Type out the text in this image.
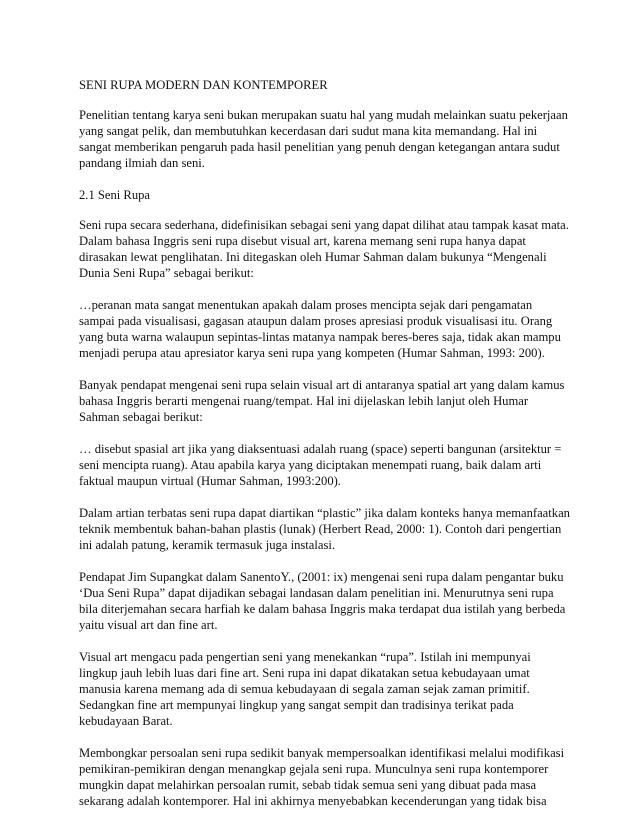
SENI RUPA MODERN DAN KONTEMPORER
Penelitian tentang karya seni bukan merupakan suatu hal yang mudah melainkan suatu pekerjaan
yang sangat pelik, dan membutuhkan kecerdasan dari sudut mana kita memandang. Hal ini
sangat memberikan pengaruh pada hasil penelitian yang penuh dengan ketegangan antara sudut
pandang ilmiah dan seni.
2.1 Seni Rupa
Seni rupa secara sederhana, didefinisikan sebagai seni yang dapat dilihat atau tampak kasat mata.
Dalam bahasa Inggris seni rupa disebut visual art, karena memang seni rupa hanya dapat
dirasakan lewat penglihatan. Ini ditegaskan oleh Humar Sahman dalam bukunya “Mengenali
Dunia Seni Rupa” sebagai berikut:
…peranan mata sangat menentukan apakah dalam proses mencipta sejak dari pengamatan
sampai pada visualisasi, gagasan ataupun dalam proses apresiasi produk visualisasi itu. Orang
yang buta warna walaupun sepintas-lintas matanya nampak beres-beres saja, tidak akan mampu
menjadi perupa atau apresiator karya seni rupa yang kompeten (Humar Sahman, 1993: 200).
Banyak pendapat mengenai seni rupa selain visual art di antaranya spatial art yang dalam kamus
bahasa Inggris berarti mengenai ruang/tempat. Hal ini dijelaskan lebih lanjut oleh Humar
Sahman sebagai berikut:
… disebut spasial art jika yang diaksentuasi adalah ruang (space) seperti bangunan (arsitektur =
seni mencipta ruang). Atau apabila karya yang diciptakan menempati ruang, baik dalam arti
faktual maupun virtual (Humar Sahman, 1993:200).
Dalam artian terbatas seni rupa dapat diartikan “plastic” jika dalam konteks hanya memanfaatkan
teknik membentuk bahan-bahan plastis (lunak) (Herbert Read, 2000: 1). Contoh dari pengertian
ini adalah patung, keramik termasuk juga instalasi.
Pendapat Jim Supangkat dalam SanentoY., (2001: ix) mengenai seni rupa dalam pengantar buku
‘Dua Seni Rupa” dapat dijadikan sebagai landasan dalam penelitian ini. Menurutnya seni rupa
bila diterjemahan secara harfiah ke dalam bahasa Inggris maka terdapat dua istilah yang berbeda
yaitu visual art dan fine art.
Visual art mengacu pada pengertian seni yang menekankan “rupa”. Istilah ini mempunyai
lingkup jauh lebih luas dari fine art. Seni rupa ini dapat dikatakan setua kebudayaan umat
manusia karena memang ada di semua kebudayaan di segala zaman sejak zaman primitif.
Sedangkan fine art mempunyai lingkup yang sangat sempit dan tradisinya terikat pada
kebudayaan Barat.
Membongkar persoalan seni rupa sedikit banyak mempersoalkan identifikasi melalui modifikasi
pemikiran-pemikiran dengan menangkap gejala seni rupa. Munculnya seni rupa kontemporer
mungkin dapat melahirkan persoalan rumit, sebab tidak semua seni yang dibuat pada masa
sekarang adalah kontemporer. Hal ini akhirnya menyebabkan kecenderungan yang tidak bisa
